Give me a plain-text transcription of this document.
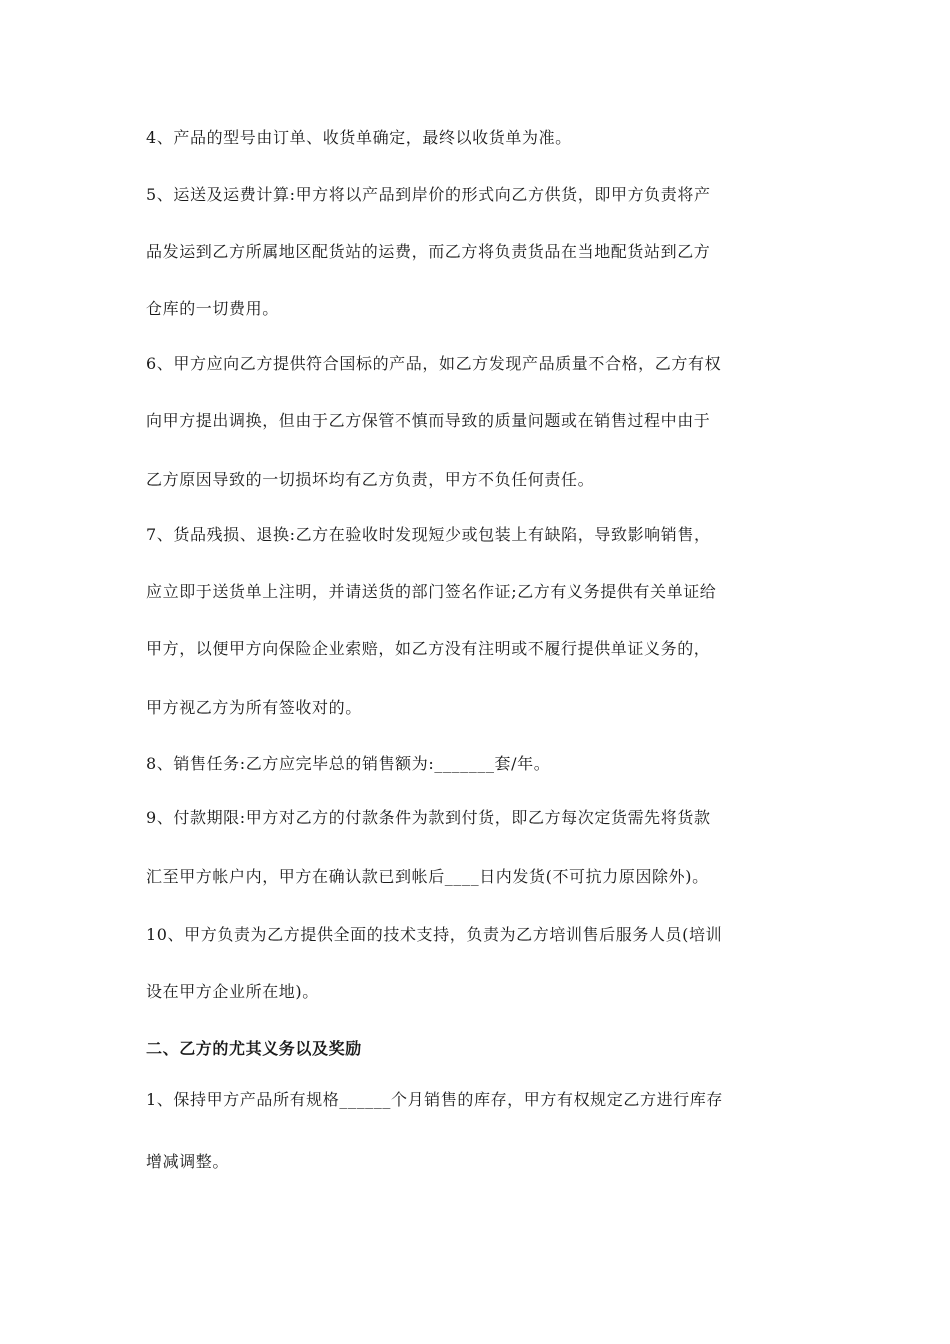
4、产品的型号由订单、收货单确定，最终以收货单为准。
5、运送及运费计算:甲方将以产品到岸价的形式向乙方供货，即甲方负责将产
品发运到乙方所属地区配货站的运费，而乙方将负责货品在当地配货站到乙方
仓库的一切费用。
6、甲方应向乙方提供符合国标的产品，如乙方发现产品质量不合格，乙方有权
向甲方提出调换，但由于乙方保管不慎而导致的质量问题或在销售过程中由于
乙方原因导致的一切损坏均有乙方负责，甲方不负任何责任。
7、货品残损、退换:乙方在验收时发现短少或包装上有缺陷，导致影响销售，
应立即于送货单上注明，并请送货的部门签名作证;乙方有义务提供有关单证给
甲方，以便甲方向保险企业索赔，如乙方没有注明或不履行提供单证义务的，
甲方视乙方为所有签收对的。
8、销售任务:乙方应完毕总的销售额为:_______套/年。
9、付款期限:甲方对乙方的付款条件为款到付货，即乙方每次定货需先将货款
汇至甲方帐户内，甲方在确认款已到帐后____日内发货(不可抗力原因除外)。
10、甲方负责为乙方提供全面的技术支持，负责为乙方培训售后服务人员(培训
设在甲方企业所在地)。
二、乙方的尤其义务以及奖励
1、保持甲方产品所有规格______个月销售的库存，甲方有权规定乙方进行库存
增减调整。
